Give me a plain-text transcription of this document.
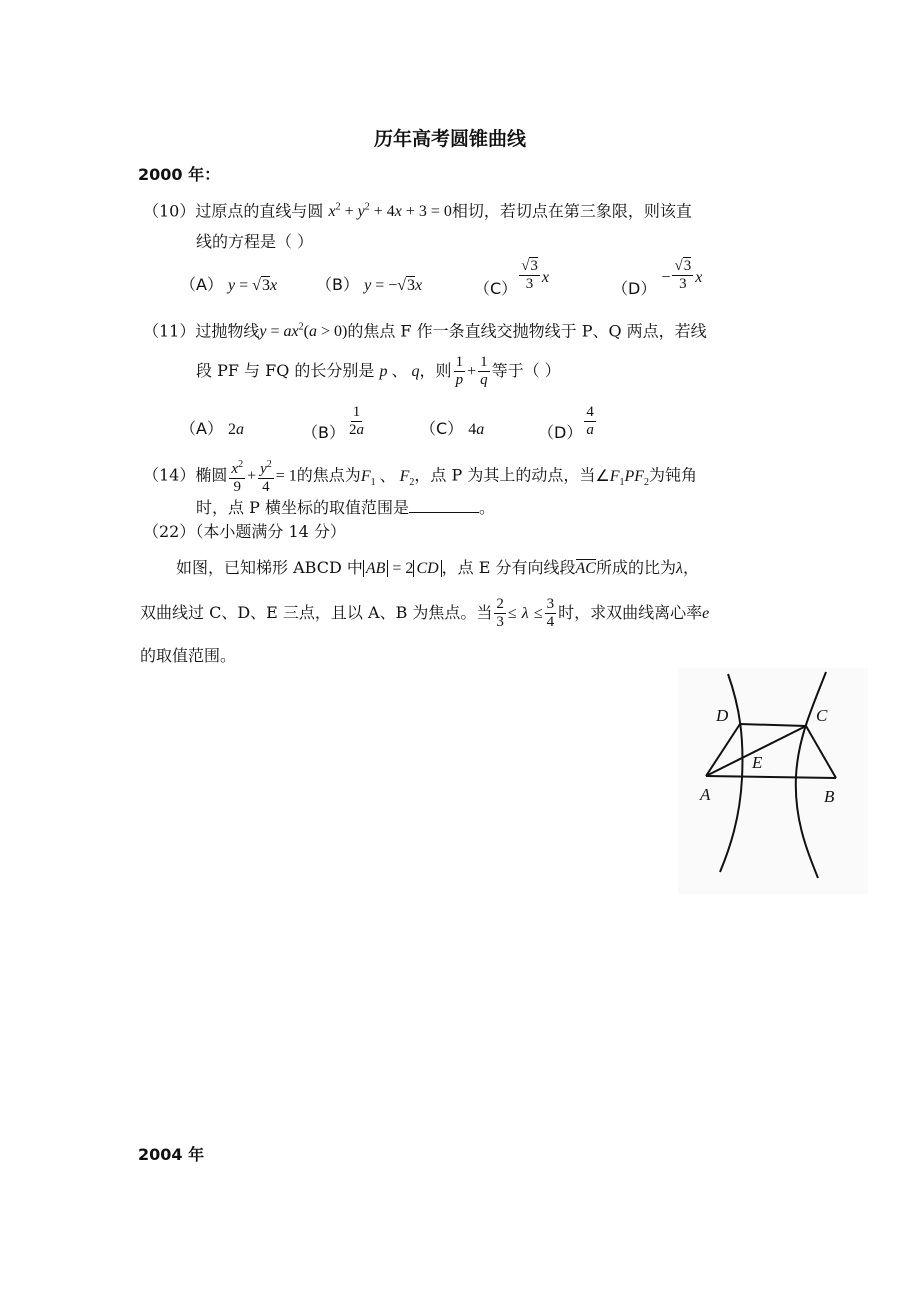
历年高考圆锥曲线
2000 年：
（10）过原点的直线与圆 $x^2 + y^2 + 4x + 3 = 0$相切，若切点在第三象限，则该直
线的方程是（ ）
（A） y = √3x （B） y = −√3x	$(C) \frac{√3}{3}$ x
$(D) - \frac{√3}{3}$ x
（11）过抛物线$y = ax^2(a > 0)$的焦点 F 作一条直线交抛物线于 P、Q 两点，若线
段 PF 与 FQ 的长分别是 p 、 q，则 $\frac{1}{p} + \frac{1}{q}$ 等于（ ）
（A） 2a	$(B) \frac{1}{2a}$	（C） 4a	$(D) \frac{4}{a}$
（14）椭圆 $\frac{x^2}{9} + \frac{y^2}{4} = 1$的焦点为$F_1$ 、 $F_2$，点 P 为其上的动点，当$\angle F_1PF_2$为钝角
时，点 P 横坐标的取值范围是	。
（22）（本小题满分 14 分）
如图，已知梯形 ABCD 中 AB = 2 CD ，点 E 分有向线段AC所成的比为λ，
双曲线过 C、D、E 三点，且以 A、B 为焦点。当 $\frac{2}{3} \le \lambda \le \frac{3}{4}$ 时，求双曲线离心率e
的取值范围。
D	C
E
A	B
2004 年
